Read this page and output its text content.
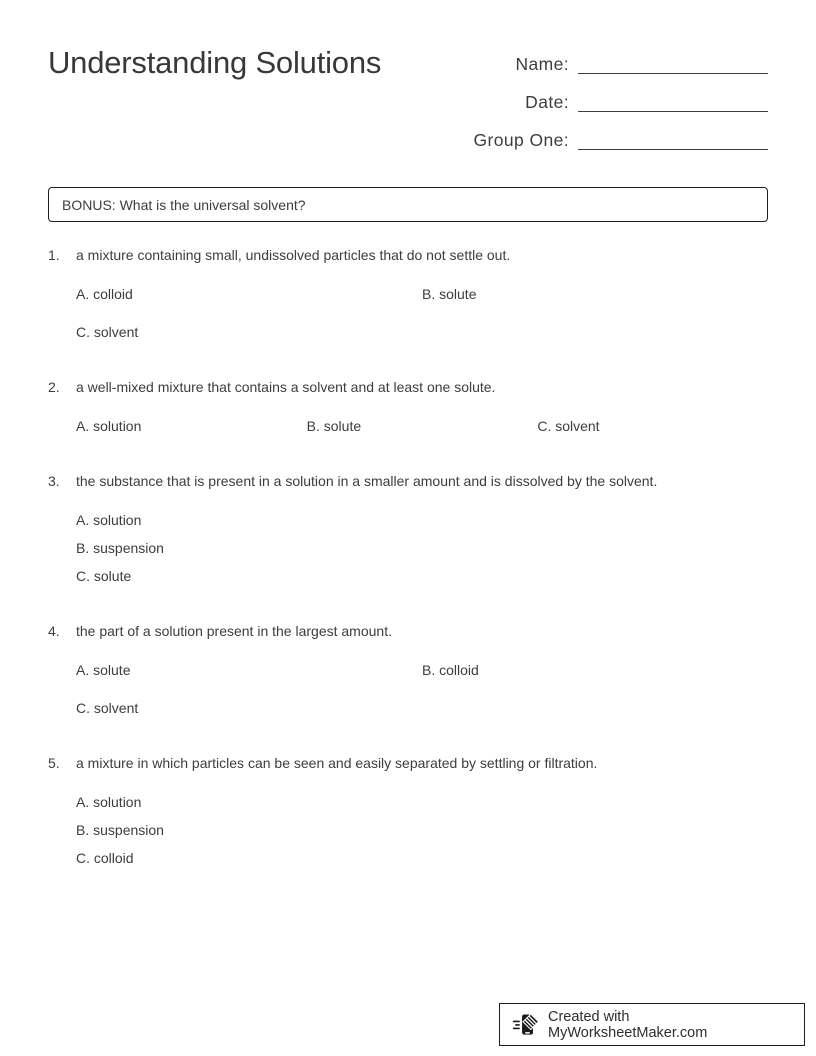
Understanding Solutions	Name:
Date:
Group One:
BONUS: What is the universal solvent?
1.	a mixture containing small, undissolved particles that do not settle out.
A. colloid	B. solute
C. solvent
2.	a well-mixed mixture that contains a solvent and at least one solute.
A. solution	B. solute	C. solvent
3.	the substance that is present in a solution in a smaller amount and is dissolved by the solvent.
A. solution
B. suspension
C. solute
4.	the part of a solution present in the largest amount.
A. solute	B. colloid
C. solvent
5.	a mixture in which particles can be seen and easily separated by settling or filtration.
A. solution
B. suspension
C. colloid
Created with MyWorksheetMaker.com
